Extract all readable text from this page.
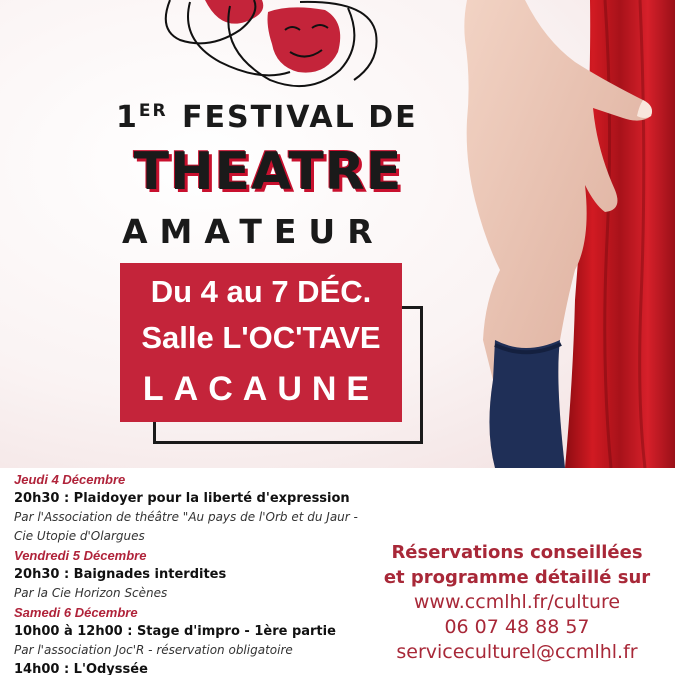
1ER FESTIVAL DE
THEATRE
AMATEUR
Du 4 au 7 DÉC.
Salle L'OC'TAVE
LACAUNE
Jeudi 4 Décembre
20h30 : Plaidoyer pour la liberté d'expression
Par l'Association de théâtre "Au pays de l'Orb et du Jaur - Cie Utopie d'Olargues
Vendredi 5 Décembre
20h30 : Baignades interdites
Par la Cie Horizon Scènes
Samedi 6 Décembre
10h00 à 12h00 : Stage d'impro - 1ère partie
Par l'association Joc'R - réservation obligatoire
14h00 : L'Odyssée
Réservations conseillées
et programme détaillé sur
www.ccmlhl.fr/culture
06 07 48 88 57
serviceculturel@ccmlhl.fr
